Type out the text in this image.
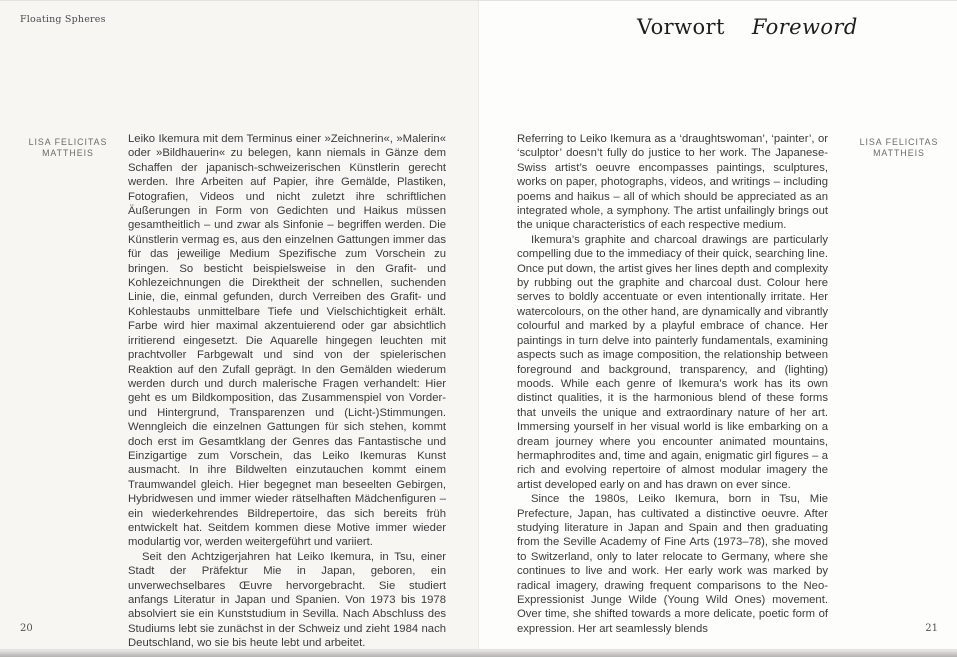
Floating Spheres	Vorwort Foreword
LISA FELICITAS
MATTHEIS
LISA FELICITAS
MATTHEIS

Leiko Ikemura mit dem Terminus einer »Zeichnerin«, »Malerin« oder »Bildhauerin« zu belegen, kann niemals in Gänze dem Schaffen der japanisch-schweizerischen Künstlerin gerecht werden. Ihre Arbeiten auf Papier, ihre Gemälde, Plastiken, Fotografien, Videos und nicht zuletzt ihre schriftlichen Äußerungen in Form von Gedichten und Haikus müssen gesamtheitlich – und zwar als Sinfonie – begriffen werden. Die Künstlerin vermag es, aus den einzelnen Gattungen immer das für das jeweilige Medium Spezifische zum Vorschein zu bringen. So besticht beispielsweise in den Grafit- und Kohlezeichnungen die Direktheit der schnellen, suchenden Linie, die, einmal gefunden, durch Verreiben des Grafit- und Kohlestaubs unmittelbare Tiefe und Vielschichtigkeit erhält. Farbe wird hier maximal akzentuierend oder gar absichtlich irritierend eingesetzt. Die Aquarelle hingegen leuchten mit prachtvoller Farbgewalt und sind von der spielerischen Reaktion auf den Zufall geprägt. In den Gemälden wiederum werden durch und durch malerische Fragen verhandelt: Hier geht es um Bildkomposition, das Zusammenspiel von Vorder- und Hintergrund, Transparenzen und (Licht-)Stimmungen. Wenngleich die einzelnen Gattungen für sich stehen, kommt doch erst im Gesamtklang der Genres das Fantastische und Einzigartige zum Vorschein, das Leiko Ikemuras Kunst ausmacht. In ihre Bildwelten einzutauchen kommt einem Traumwandel gleich. Hier begegnet man beseelten Gebirgen, Hybridwesen und immer wieder rätselhaften Mädchenfiguren – ein wiederkehrendes Bildrepertoire, das sich bereits früh entwickelt hat. Seitdem kommen diese Motive immer wieder modulartig vor, werden weitergeführt und variiert.

Seit den Achtzigerjahren hat Leiko Ikemura, in Tsu, einer Stadt der Präfektur Mie in Japan, geboren, ein unverwechselbares Œuvre hervorgebracht. Sie studiert anfangs Literatur in Japan und Spanien. Von 1973 bis 1978 absolviert sie ein Kunststudium in Sevilla. Nach Abschluss des Studiums lebt sie zunächst in der Schweiz und zieht 1984 nach Deutschland, wo sie bis heute lebt und arbeitet.

Referring to Leiko Ikemura as a ‘draughtswoman’, ‘painter’, or ‘sculptor’ doesn’t fully do justice to her work. The Japanese-Swiss artist’s oeuvre encompasses paintings, sculptures, works on paper, photographs, videos, and writings – including poems and haikus – all of which should be appreciated as an integrated whole, a symphony. The artist unfailingly brings out the unique characteristics of each respective medium.

Ikemura’s graphite and charcoal drawings are particularly compelling due to the immediacy of their quick, searching line. Once put down, the artist gives her lines depth and complexity by rubbing out the graphite and charcoal dust. Colour here serves to boldly accentuate or even intentionally irritate. Her watercolours, on the other hand, are dynamically and vibrantly colourful and marked by a playful embrace of chance. Her paintings in turn delve into painterly fundamentals, examining aspects such as image composition, the relationship between foreground and background, transparency, and (lighting) moods. While each genre of Ikemura’s work has its own distinct qualities, it is the harmonious blend of these forms that unveils the unique and extraordinary nature of her art. Immersing yourself in her visual world is like embarking on a dream journey where you encounter animated mountains, hermaphrodites and, time and again, enigmatic girl figures – a rich and evolving repertoire of almost modular imagery the artist developed early on and has drawn on ever since.

Since the 1980s, Leiko Ikemura, born in Tsu, Mie Prefecture, Japan, has cultivated a distinctive oeuvre. After studying literature in Japan and Spain and then graduating from the Seville Academy of Fine Arts (1973–78), she moved to Switzerland, only to later relocate to Germany, where she continues to live and work. Her early work was marked by radical imagery, drawing frequent comparisons to the Neo-Expressionist Junge Wilde (Young Wild Ones) movement. Over time, she shifted towards a more delicate, poetic form of expression. Her art seamlessly blends

20	21
